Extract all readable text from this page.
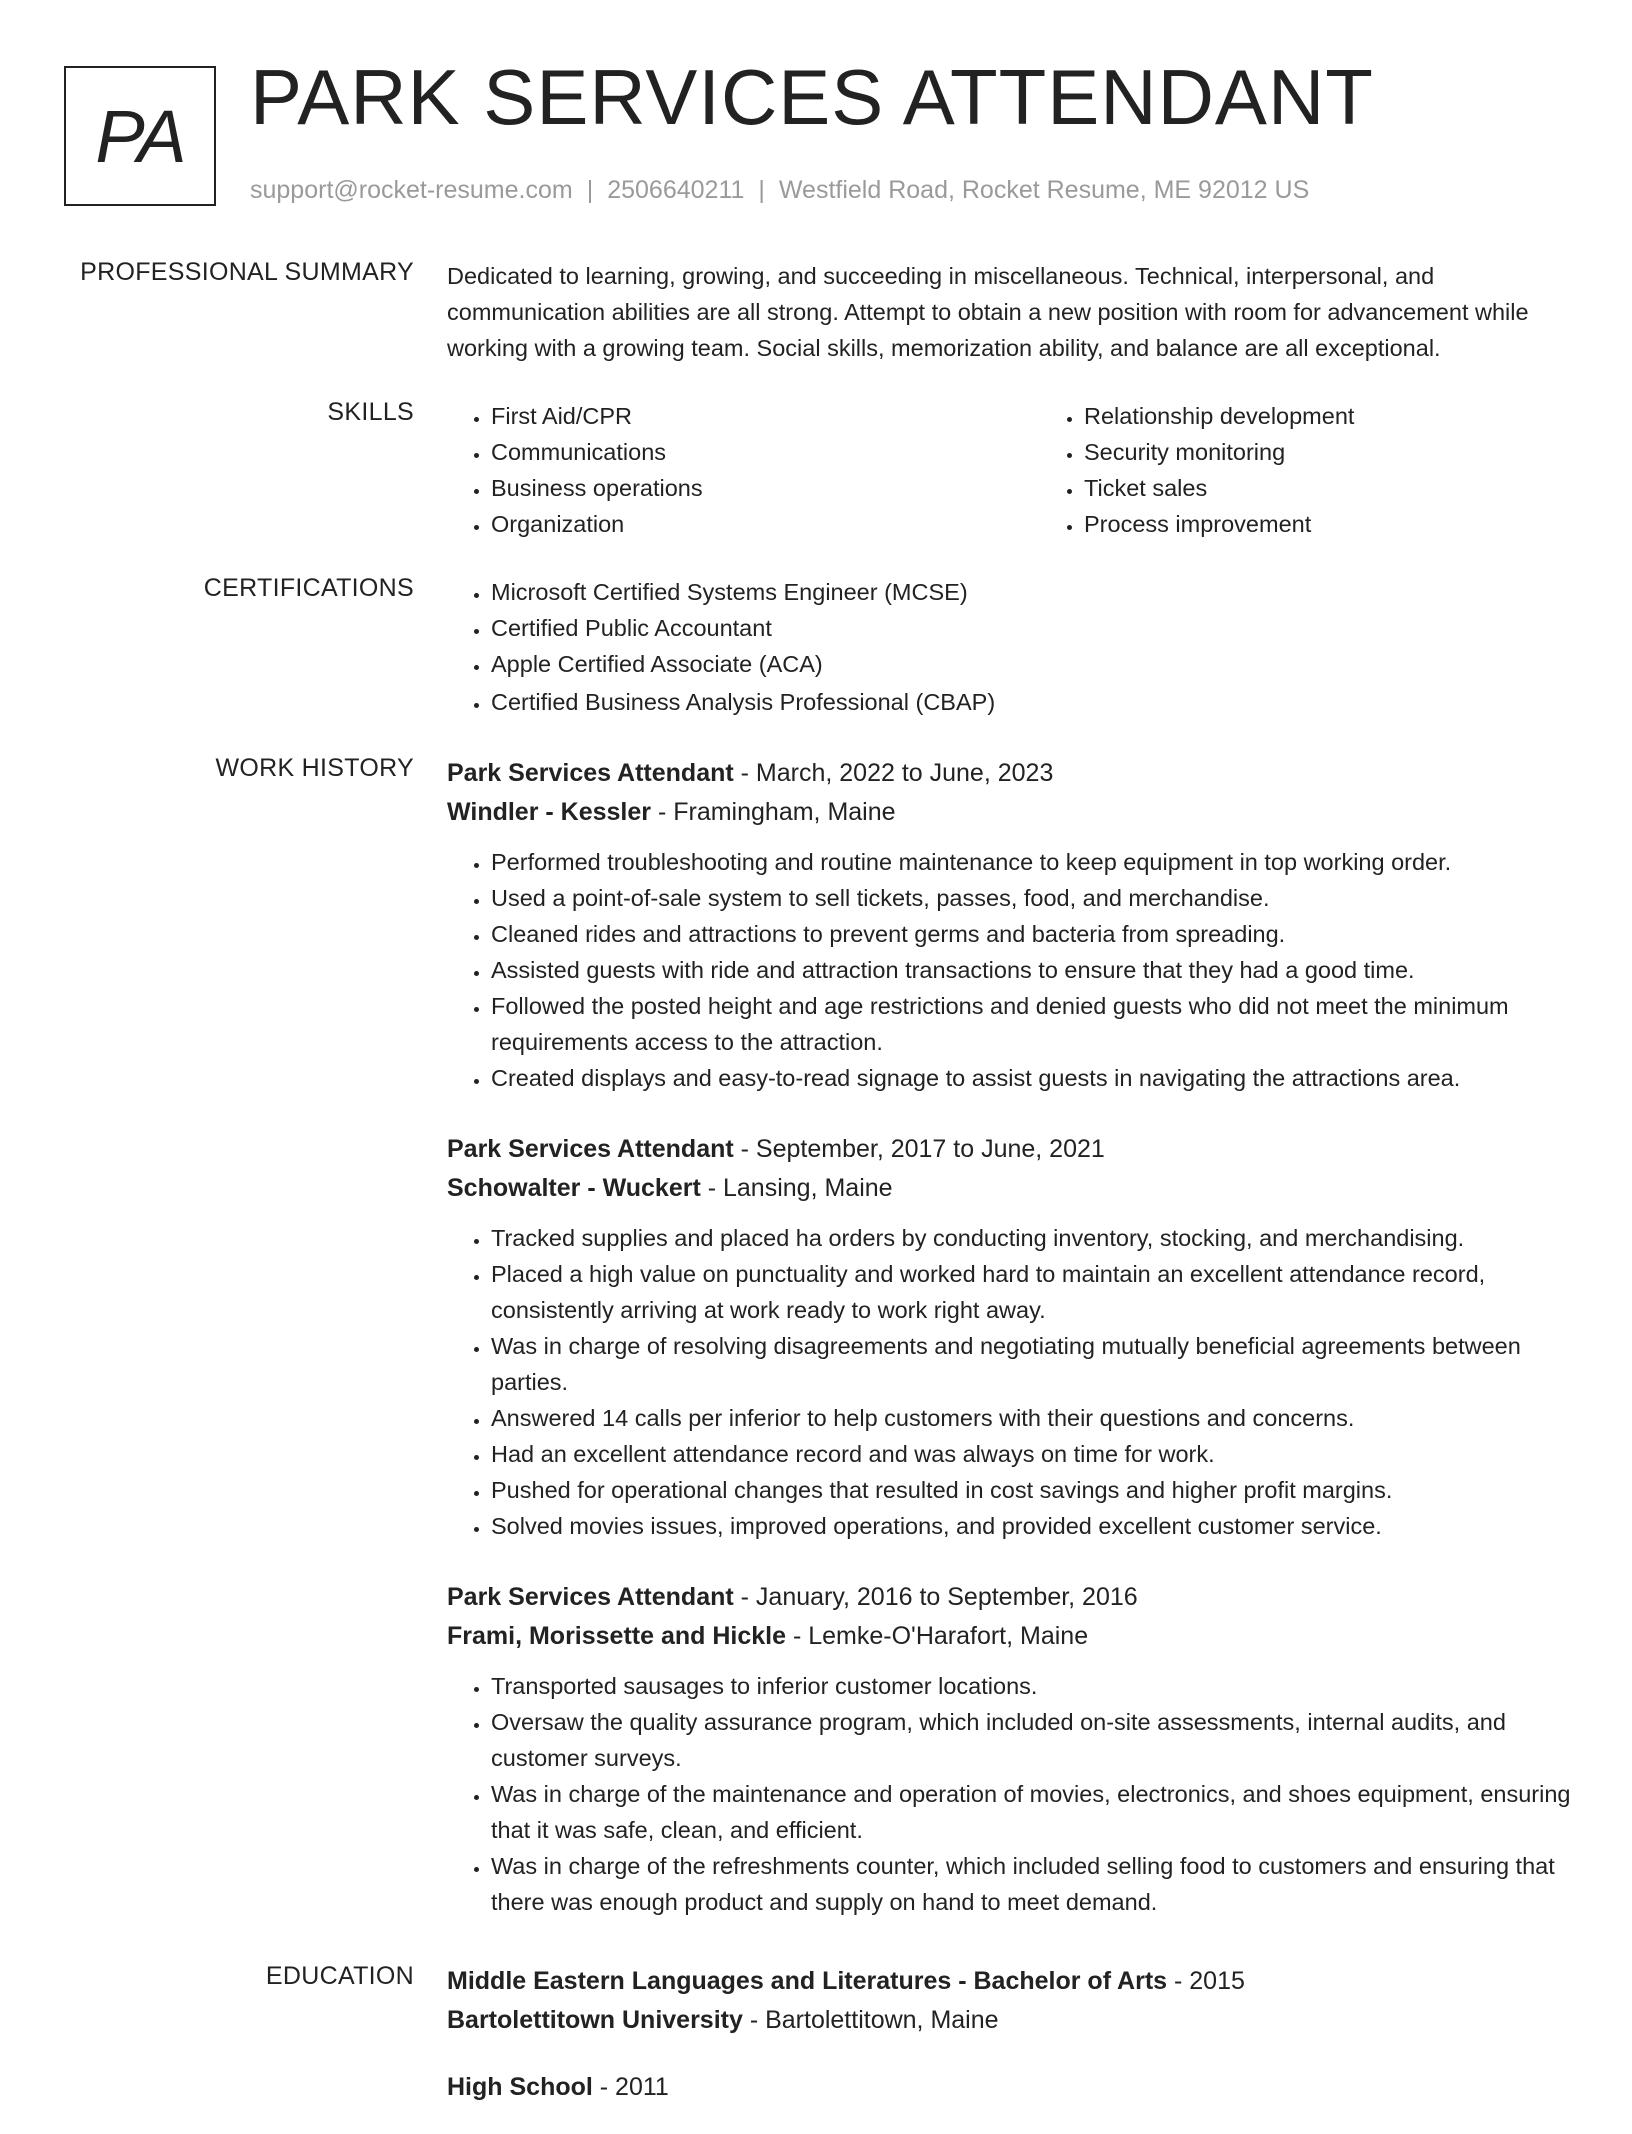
PA PARK SERVICES ATTENDANT
support@rocket-resume.com | 2506640211 | Westfield Road, Rocket Resume, ME 92012 US
PROFESSIONAL SUMMARY Dedicated to learning, growing, and succeeding in miscellaneous. Technical, interpersonal, and communication abilities are all strong. Attempt to obtain a new position with room for advancement while working with a growing team. Social skills, memorization ability, and balance are all exceptional.
SKILLS	• First Aid/CPR
• Communications
• Business operations
• Organization
• Relationship development
• Security monitoring
• Ticket sales
• Process improvement
CERTIFICATIONS	• Microsoft Certified Systems Engineer (MCSE)
• Certified Public Accountant
• Apple Certified Associate (ACA)
• Certified Business Analysis Professional (CBAP)
WORK HISTORY Park Services Attendant - March, 2022 to June, 2023
Windler - Kessler - Framingham, Maine
• Performed troubleshooting and routine maintenance to keep equipment in top working order.
• Used a point-of-sale system to sell tickets, passes, food, and merchandise.
• Cleaned rides and attractions to prevent germs and bacteria from spreading.
• Assisted guests with ride and attraction transactions to ensure that they had a good time.
• Followed the posted height and age restrictions and denied guests who did not meet the minimum requirements access to the attraction.
• Created displays and easy-to-read signage to assist guests in navigating the attractions area.
Park Services Attendant - September, 2017 to June, 2021
Schowalter - Wuckert - Lansing, Maine
• Tracked supplies and placed ha orders by conducting inventory, stocking, and merchandising.
• Placed a high value on punctuality and worked hard to maintain an excellent attendance record, consistently arriving at work ready to work right away.
• Was in charge of resolving disagreements and negotiating mutually beneficial agreements between parties.
• Answered 14 calls per inferior to help customers with their questions and concerns.
• Had an excellent attendance record and was always on time for work.
• Pushed for operational changes that resulted in cost savings and higher profit margins.
• Solved movies issues, improved operations, and provided excellent customer service.
Park Services Attendant - January, 2016 to September, 2016
Frami, Morissette and Hickle - Lemke-O'Harafort, Maine
• Transported sausages to inferior customer locations.
• Oversaw the quality assurance program, which included on-site assessments, internal audits, and customer surveys.
• Was in charge of the maintenance and operation of movies, electronics, and shoes equipment, ensuring that it was safe, clean, and efficient.
• Was in charge of the refreshments counter, which included selling food to customers and ensuring that there was enough product and supply on hand to meet demand.
EDUCATION Middle Eastern Languages and Literatures - Bachelor of Arts - 2015
Bartolettitown University - Bartolettitown, Maine
High School - 2011
